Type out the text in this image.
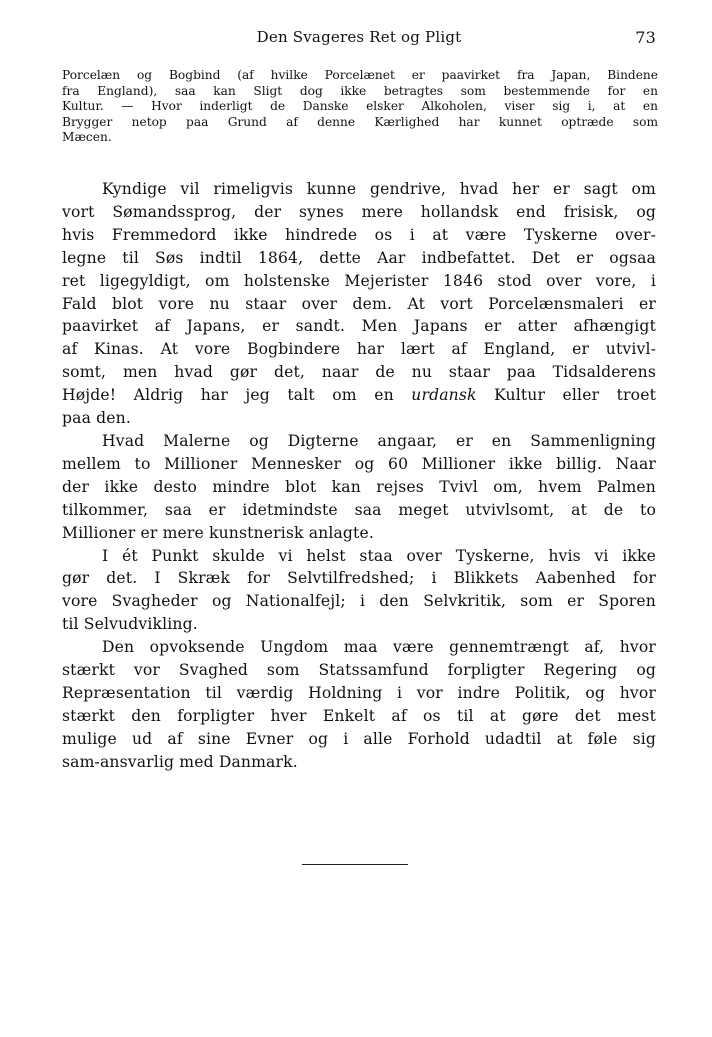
Den Svageres Ret og Pligt	73
Porcelæn og Bogbind (af hvilke Porcelænet er paavirket fra Japan, Bindene
fra England), saa kan Sligt dog ikke betragtes som bestemmende for en
Kultur. — Hvor inderligt de Danske elsker Alkoholen, viser sig i, at en
Brygger netop paa Grund af denne Kærlighed har kunnet optræde som
Mæcen.
Kyndige vil rimeligvis kunne gendrive, hvad her er sagt om
vort Sømandssprog, der synes mere hollandsk end frisisk, og
hvis Fremmedord ikke hindrede os i at være Tyskerne over-
legne til Søs indtil 1864, dette Aar indbefattet. Det er ogsaa
ret ligegyldigt, om holstenske Mejerister 1846 stod over vore, i
Fald blot vore nu staar over dem. At vort Porcelænsmaleri er
paavirket af Japans, er sandt. Men Japans er atter afhængigt
af Kinas. At vore Bogbindere har lært af England, er utvivl-
somt, men hvad gør det, naar de nu staar paa Tidsalderens
Højde! Aldrig har jeg talt om en urdansk Kultur eller troet
paa den.
Hvad Malerne og Digterne angaar, er en Sammenligning
mellem to Millioner Mennesker og 60 Millioner ikke billig. Naar
der ikke desto mindre blot kan rejses Tvivl om, hvem Palmen
tilkommer, saa er idetmindste saa meget utvivlsomt, at de to
Millioner er mere kunstnerisk anlagte.
I ét Punkt skulde vi helst staa over Tyskerne, hvis vi ikke
gør det. I Skræk for Selvtilfredshed; i Blikkets Aabenhed for
vore Svagheder og Nationalfejl; i den Selvkritik, som er Sporen
til Selvudvikling.
Den opvoksende Ungdom maa være gennemtrængt af, hvor
stærkt vor Svaghed som Statssamfund forpligter Regering og
Repræsentation til værdig Holdning i vor indre Politik, og hvor
stærkt den forpligter hver Enkelt af os til at gøre det mest
mulige ud af sine Evner og i alle Forhold udadtil at føle sig
sam-ansvarlig med Danmark.
